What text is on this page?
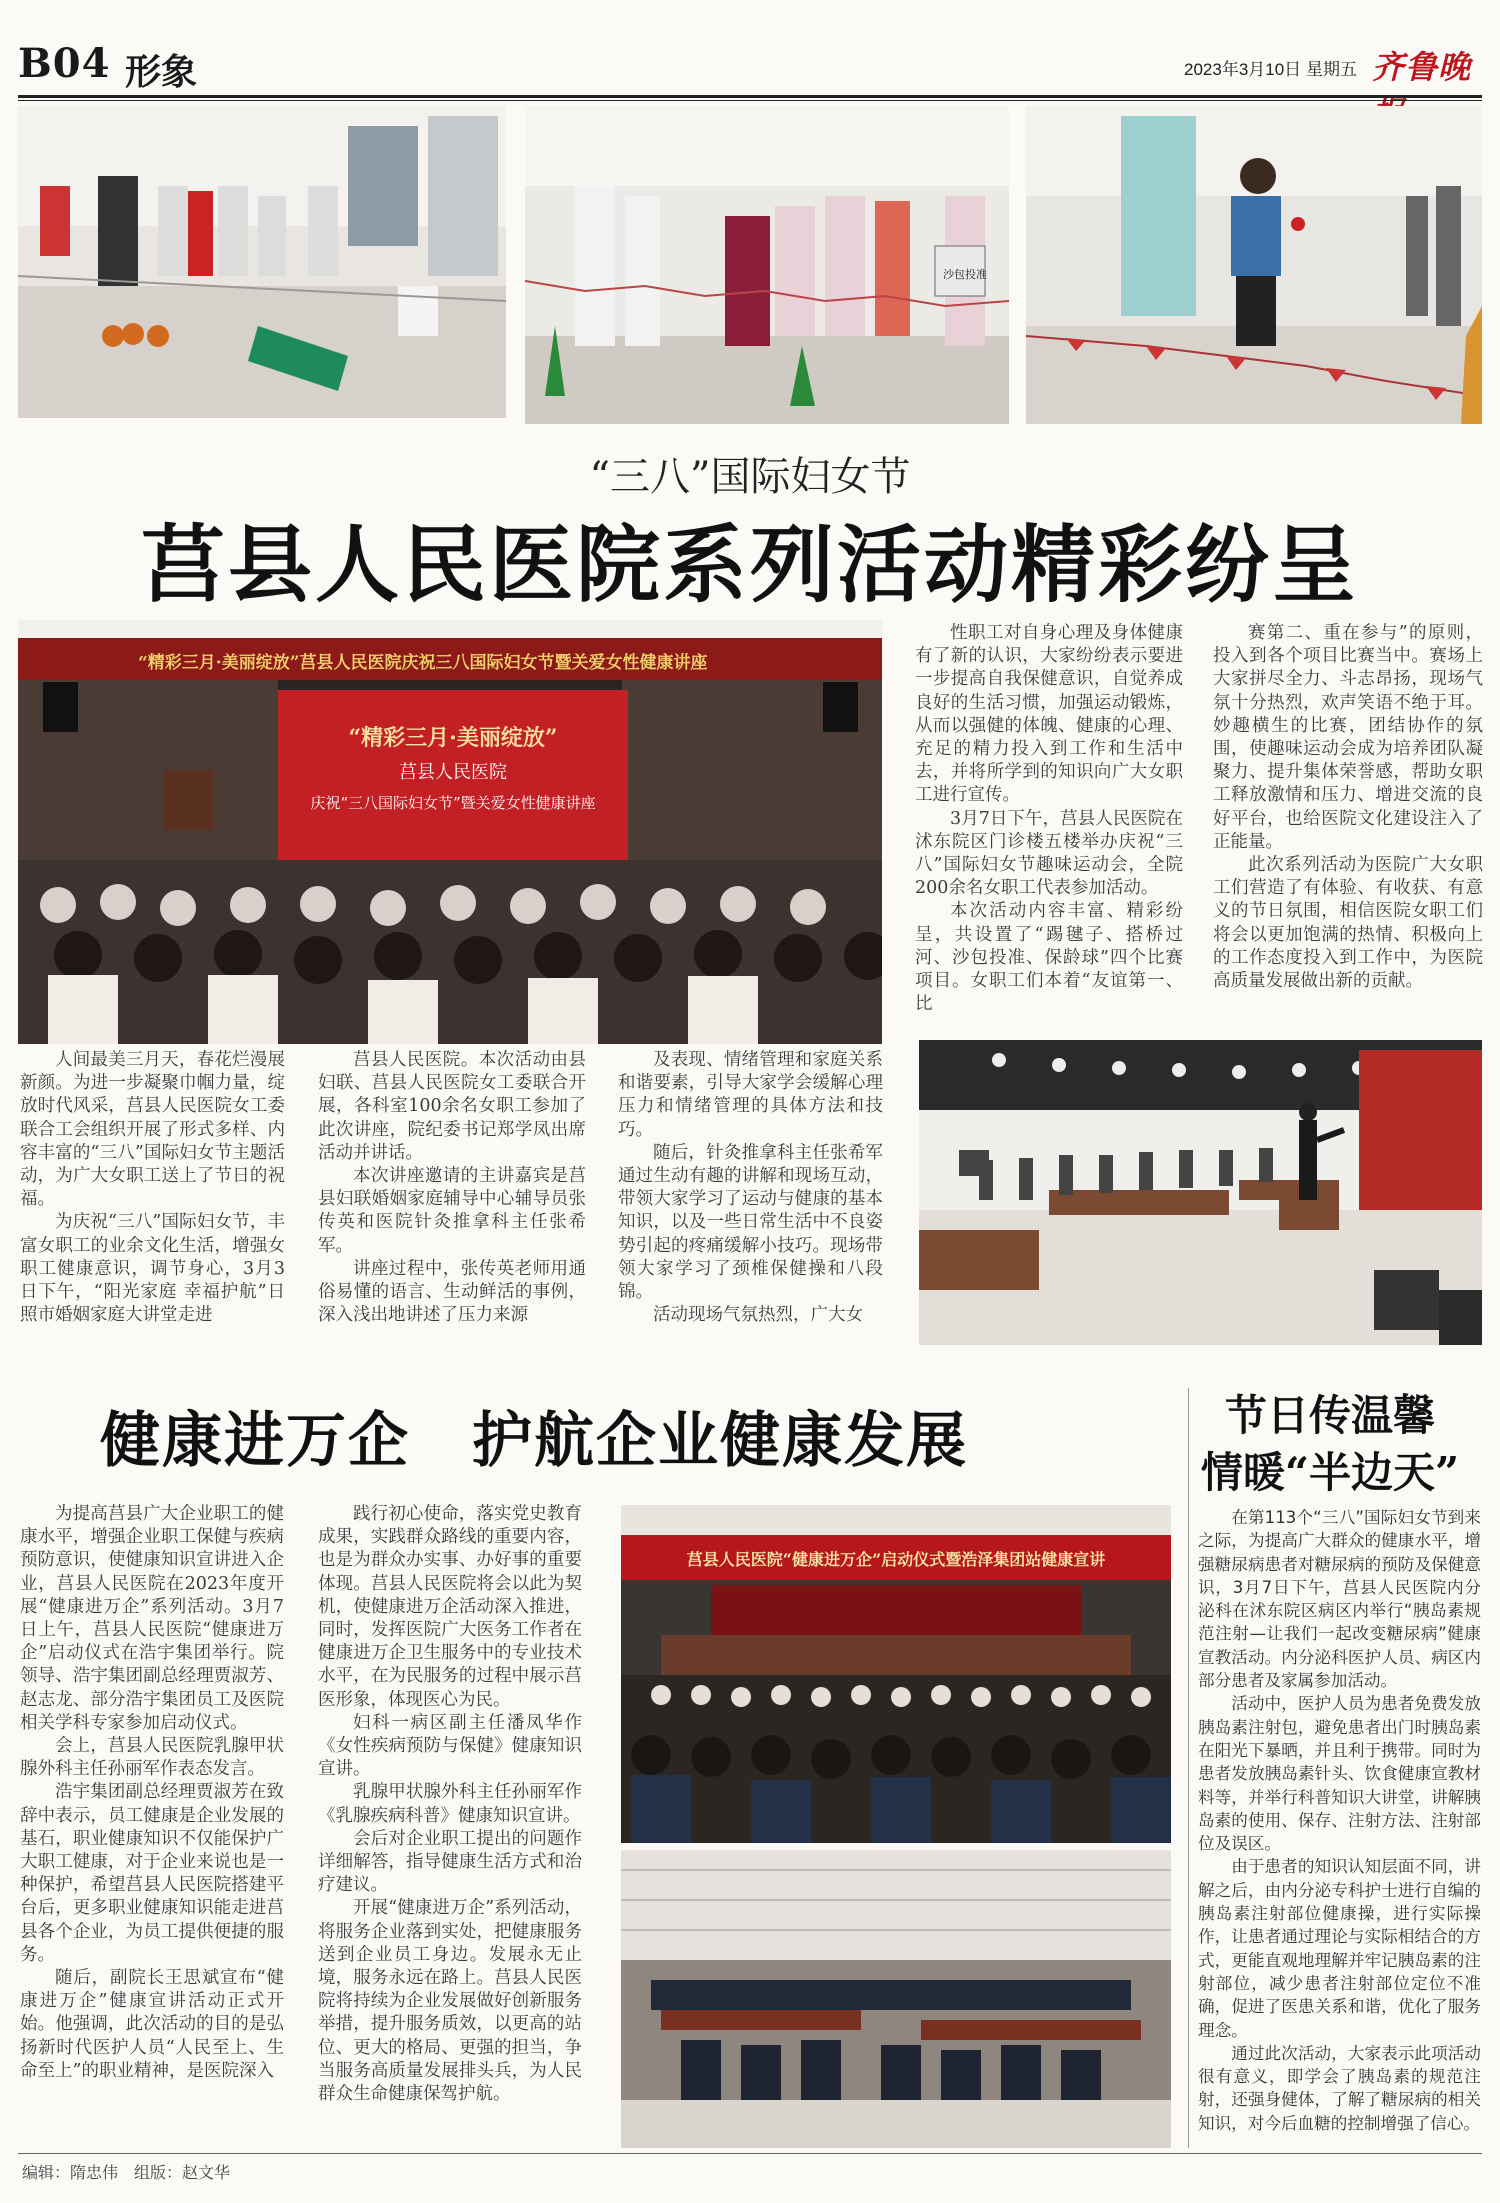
B04 形象	2023年3月10日 星期五 齐鲁晚
沙包投准
“三八”国际妇女节
莒县人民医院系列活动精彩纷呈
“精彩三月·美丽绽放”莒县人民医院庆祝三八国际妇女节暨关爱女性健康讲座
“精彩三月·美丽绽放”
莒县人民医院
庆祝“三八国际妇女节”暨关爱女性健康讲座

人间最美三月天，春花烂漫展新颜。为进一步凝聚巾帼力量，绽放时代风采，莒县人民医院女工委联合工会组织开展了形式多样、内容丰富的“三八”国际妇女节主题活动，为广大女职工送上了节日的祝福。

为庆祝“三八”国际妇女节，丰富女职工的业余文化生活，增强女职工健康意识，调节身心，3月3日下午，“阳光家庭 幸福护航”日照市婚姻家庭大讲堂走进

莒县人民医院。本次活动由县妇联、莒县人民医院女工委联合开展，各科室100余名女职工参加了此次讲座，院纪委书记郑学凤出席活动并讲话。

本次讲座邀请的主讲嘉宾是莒县妇联婚姻家庭辅导中心辅导员张传英和医院针灸推拿科主任张希军。

讲座过程中，张传英老师用通俗易懂的语言、生动鲜活的事例，深入浅出地讲述了压力来源

及表现、情绪管理和家庭关系和谐要素，引导大家学会缓解心理压力和情绪管理的具体方法和技巧。

随后，针灸推拿科主任张希军通过生动有趣的讲解和现场互动，带领大家学习了运动与健康的基本知识，以及一些日常生活中不良姿势引起的疼痛缓解小技巧。现场带领大家学习了颈椎保健操和八段锦。

活动现场气氛热烈，广大女

性职工对自身心理及身体健康有了新的认识，大家纷纷表示要进一步提高自我保健意识，自觉养成良好的生活习惯，加强运动锻炼，从而以强健的体魄、健康的心理、充足的精力投入到工作和生活中去，并将所学到的知识向广大女职工进行宣传。

3月7日下午，莒县人民医院在沭东院区门诊楼五楼举办庆祝“三八”国际妇女节趣味运动会，全院200余名女职工代表参加活动。

本次活动内容丰富、精彩纷呈，共设置了“踢毽子、搭桥过河、沙包投准、保龄球”四个比赛项目。女职工们本着“友谊第一、比

赛第二、重在参与”的原则，投入到各个项目比赛当中。赛场上大家拼尽全力、斗志昂扬，现场气氛十分热烈，欢声笑语不绝于耳。妙趣横生的比赛，团结协作的氛围，使趣味运动会成为培养团队凝聚力、提升集体荣誉感，帮助女职工释放激情和压力、增进交流的良好平台，也给医院文化建设注入了正能量。

此次系列活动为医院广大女职工们营造了有体验、有收获、有意义的节日氛围，相信医院女职工们将会以更加饱满的热情、积极向上的工作态度投入到工作中，为医院高质量发展做出新的贡献。

健康进万企　护航企业健康发展

为提高莒县广大企业职工的健康水平，增强企业职工保健与疾病预防意识，使健康知识宣讲进入企业，莒县人民医院在2023年度开展“健康进万企”系列活动。3月7日上午，莒县人民医院“健康进万企”启动仪式在浩宇集团举行。院领导、浩宇集团副总经理贾淑芳、赵志龙、部分浩宇集团员工及医院相关学科专家参加启动仪式。

会上，莒县人民医院乳腺甲状腺外科主任孙丽军作表态发言。

浩宇集团副总经理贾淑芳在致辞中表示，员工健康是企业发展的基石，职业健康知识不仅能保护广大职工健康，对于企业来说也是一种保护，希望莒县人民医院搭建平台后，更多职业健康知识能走进莒县各个企业，为员工提供便捷的服务。

随后，副院长王思斌宣布“健康进万企”健康宣讲活动正式开始。他强调，此次活动的目的是弘扬新时代医护人员“人民至上、生命至上”的职业精神，是医院深入

践行初心使命，落实党史教育成果，实践群众路线的重要内容，也是为群众办实事、办好事的重要体现。莒县人民医院将会以此为契机，使健康进万企活动深入推进，同时，发挥医院广大医务工作者在健康进万企卫生服务中的专业技术水平，在为民服务的过程中展示莒医形象，体现医心为民。

妇科一病区副主任潘凤华作《女性疾病预防与保健》健康知识宣讲。

乳腺甲状腺外科主任孙丽军作《乳腺疾病科普》健康知识宣讲。

会后对企业职工提出的问题作详细解答，指导健康生活方式和治疗建议。

开展“健康进万企”系列活动，将服务企业落到实处，把健康服务送到企业员工身边。发展永无止境，服务永远在路上。莒县人民医院将持续为企业发展做好创新服务举措，提升服务质效，以更高的站位、更大的格局、更强的担当，争当服务高质量发展排头兵，为人民群众生命健康保驾护航。

莒县人民医院“健康进万企”启动仪式暨浩泽集团站健康宣讲
节日传温馨
情暖“半边天”

在第113个“三八”国际妇女节到来之际，为提高广大群众的健康水平，增强糖尿病患者对糖尿病的预防及保健意识，3月7日下午，莒县人民医院内分泌科在沭东院区病区内举行“胰岛素规范注射—让我们一起改变糖尿病”健康宣教活动。内分泌科医护人员、病区内部分患者及家属参加活动。

活动中，医护人员为患者免费发放胰岛素注射包，避免患者出门时胰岛素在阳光下暴晒，并且利于携带。同时为患者发放胰岛素针头、饮食健康宣教材料等，并举行科普知识大讲堂，讲解胰岛素的使用、保存、注射方法、注射部位及误区。

由于患者的知识认知层面不同，讲解之后，由内分泌专科护士进行自编的胰岛素注射部位健康操，进行实际操作，让患者通过理论与实际相结合的方式，更能直观地理解并牢记胰岛素的注射部位，减少患者注射部位定位不准确，促进了医患关系和谐，优化了服务理念。

通过此次活动，大家表示此项活动很有意义，即学会了胰岛素的规范注射，还强身健体，了解了糖尿病的相关知识，对今后血糖的控制增强了信心。

编辑：隋忠伟　组版：赵文华
